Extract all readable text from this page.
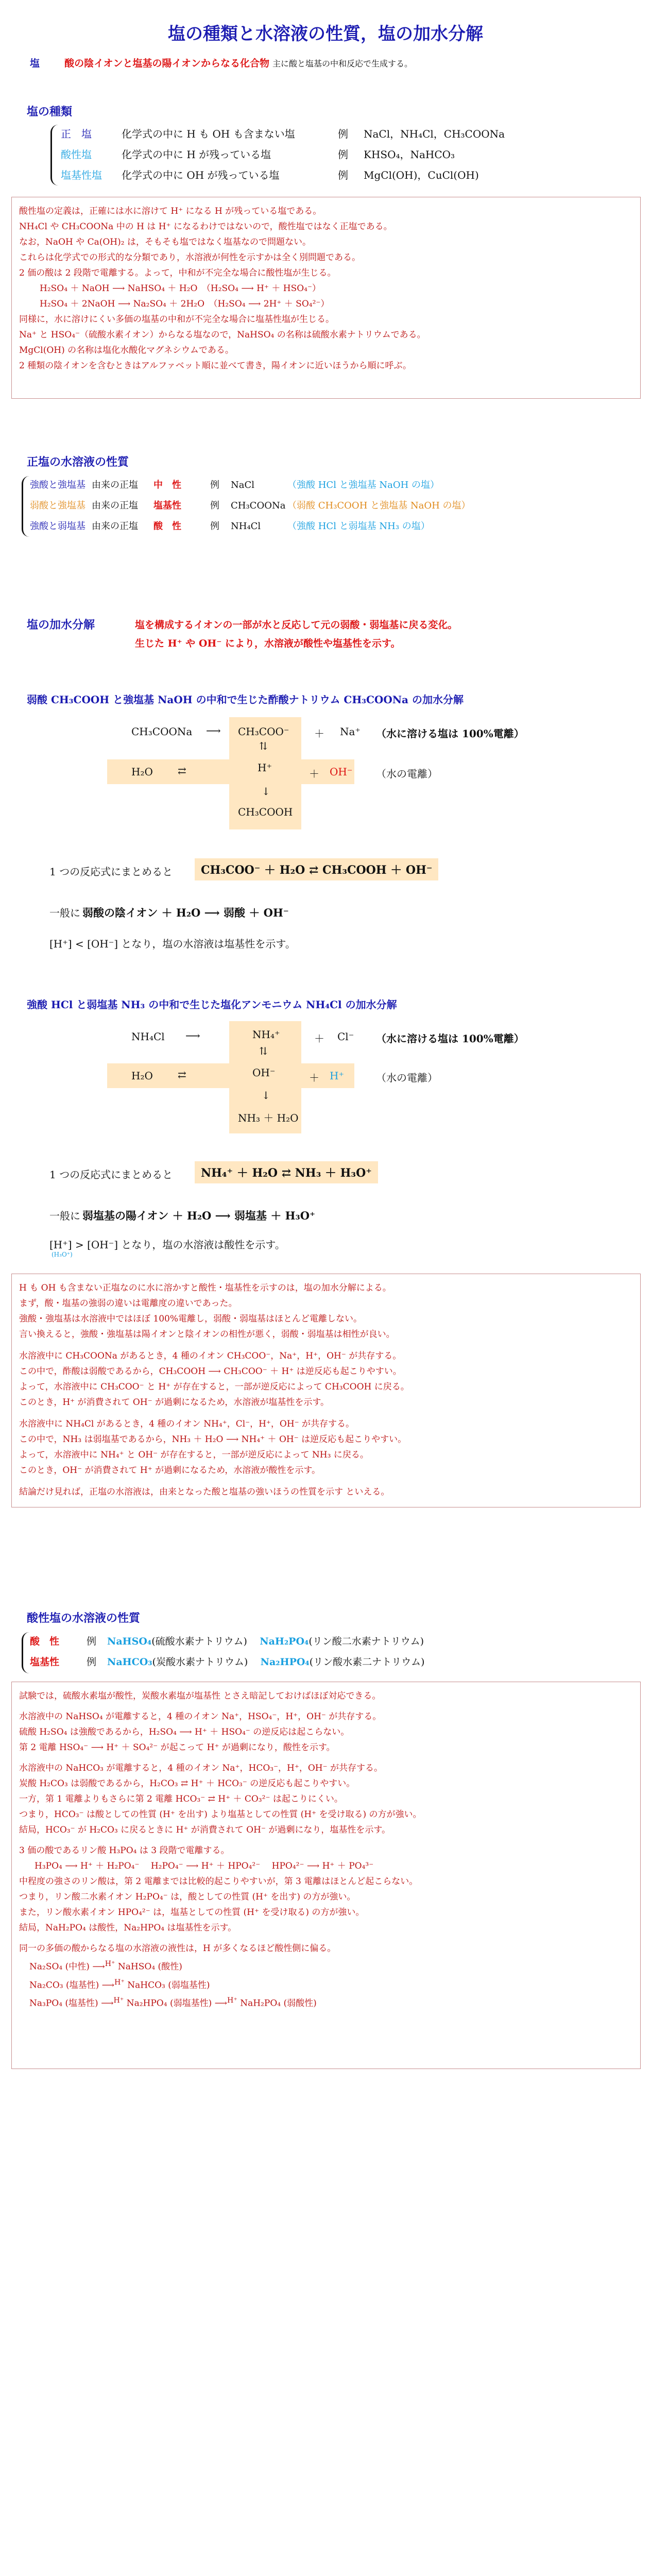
塩の種類と水溶液の性質，塩の加水分解
塩	酸の陰イオンと塩基の陽イオンからなる化合物 主に酸と塩基の中和反応で生成する。
塩の種類
正　塩	化学式の中に H も OH も含まない塩	例 NaCl，NH₄Cl，CH₃COONa
酸性塩	化学式の中に H が残っている塩	例 KHSO₄，NaHCO₃
塩基性塩 化学式の中に OH が残っている塩	例 MgCl(OH)，CuCl(OH)
酸性塩の定義は，正確には水に溶けて H⁺ になる H が残っている塩である。
NH₄Cl や CH₃COONa 中の H は H⁺ になるわけではないので，酸性塩ではなく正塩である。
なお，NaOH や Ca(OH)₂ は，そもそも塩ではなく塩基なので問題ない。
これらは化学式での形式的な分類であり，水溶液が何性を示すかは全く別問題である。
2 価の酸は 2 段階で電離する。よって，中和が不完全な場合に酸性塩が生じる。
H₂SO₄ ＋ NaOH ⟶ NaHSO₄ ＋ H₂O　（H₂SO₄ ⟶ H⁺ ＋ HSO₄⁻）
H₂SO₄ ＋ 2NaOH ⟶ Na₂SO₄ ＋ 2H₂O　（H₂SO₄ ⟶ 2H⁺ ＋ SO₄²⁻）
同様に，水に溶けにくい多価の塩基の中和が不完全な場合に塩基性塩が生じる。
Na⁺ と HSO₄⁻（硫酸水素イオン）からなる塩なので，NaHSO₄ の名称は硫酸水素ナトリウムである。
MgCl(OH) の名称は塩化水酸化マグネシウムである。
2 種類の陰イオンを含むときはアルファベット順に並べて書き，陽イオンに近いほうから順に呼ぶ。
正塩の水溶液の性質
強酸と強塩基 由来の正塩 中　性	例 NaCl	（強酸 HCl と強塩基 NaOH の塩）
弱酸と強塩基 由来の正塩 塩基性	例 CH₃COONa （弱酸 CH₃COOH と強塩基 NaOH の塩）
強酸と弱塩基 由来の正塩 酸　性	例 NH₄Cl	（強酸 HCl と弱塩基 NH₃ の塩）
塩の加水分解	塩を構成するイオンの一部が水と反応して元の弱酸・弱塩基に戻る変化。
生じた H⁺ や OH⁻ により，水溶液が酸性や塩基性を示す。
弱酸 CH₃COOH と強塩基 NaOH の中和で生じた酢酸ナトリウム CH₃COONa の加水分解
CH₃COONa ⟶ CH₃COO⁻ ＋ Na⁺ （水に溶ける塩は 100%電離）
⇅
H₂O ⇄	H⁺	＋ OH⁻ （水の電離）
↓
CH₃COOH
1 つの反応式にまとめると	CH₃COO⁻ ＋ H₂O ⇄ CH₃COOH ＋ OH⁻
一般に 弱酸の陰イオン ＋ H₂O ⟶ 弱酸 ＋ OH⁻
[H⁺] < [OH⁻] となり，塩の水溶液は塩基性を示す。
強酸 HCl と弱塩基 NH₃ の中和で生じた塩化アンモニウム NH₄Cl の加水分解
NH₄Cl ⟶	NH₄⁺	＋ Cl⁻ （水に溶ける塩は 100%電離）
⇅
H₂O ⇄	OH⁻	＋ H⁺	（水の電離）
↓
NH₃ ＋ H₂O
1 つの反応式にまとめると	NH₄⁺ ＋ H₂O ⇄ NH₃ ＋ H₃O⁺
一般に 弱塩基の陽イオン ＋ H₂O ⟶ 弱塩基 ＋ H₃O⁺
[H⁺] > [OH⁻] となり，塩の水溶液は酸性を示す。
(H₃O⁺)
H も OH も含まない正塩なのに水に溶かすと酸性・塩基性を示すのは，塩の加水分解による。
まず，酸・塩基の強弱の違いは電離度の違いであった。
強酸・強塩基は水溶液中ではほぼ 100%電離し，弱酸・弱塩基はほとんど電離しない。
言い換えると，強酸・強塩基は陽イオンと陰イオンの相性が悪く，弱酸・弱塩基は相性が良い。
水溶液中に CH₃COONa があるとき，4 種のイオン CH₃COO⁻，Na⁺，H⁺，OH⁻ が共存する。
この中で，酢酸は弱酸であるから，CH₃COOH ⟶ CH₃COO⁻ ＋ H⁺ は逆反応も起こりやすい。
よって，水溶液中に CH₃COO⁻ と H⁺ が存在すると，一部が逆反応によって CH₃COOH に戻る。
このとき，H⁺ が消費されて OH⁻ が過剰になるため，水溶液が塩基性を示す。
水溶液中に NH₄Cl があるとき，4 種のイオン NH₄⁺，Cl⁻，H⁺，OH⁻ が共存する。
この中で，NH₃ は弱塩基であるから，NH₃ ＋ H₂O ⟶ NH₄⁺ ＋ OH⁻ は逆反応も起こりやすい。
よって，水溶液中に NH₄⁺ と OH⁻ が存在すると，一部が逆反応によって NH₃ に戻る。
このとき，OH⁻ が消費されて H⁺ が過剰になるため，水溶液が酸性を示す。
結論だけ見れば，正塩の水溶液は，由来となった酸と塩基の強いほうの性質を示す といえる。
酸性塩の水溶液の性質
酸　性	例 NaHSO₄(硫酸水素ナトリウム) NaH₂PO₄(リン酸二水素ナトリウム)
塩基性	例 NaHCO₃(炭酸水素ナトリウム) Na₂HPO₄(リン酸水素二ナトリウム)
試験では，硫酸水素塩が酸性，炭酸水素塩が塩基性 とさえ暗記しておけばほぼ対応できる。
水溶液中の NaHSO₄ が電離すると，4 種のイオン Na⁺，HSO₄⁻，H⁺，OH⁻ が共存する。
硫酸 H₂SO₄ は強酸であるから，H₂SO₄ ⟶ H⁺ ＋ HSO₄⁻ の逆反応は起こらない。
第 2 電離 HSO₄⁻ ⟶ H⁺ ＋ SO₄²⁻ が起こって H⁺ が過剰になり，酸性を示す。
水溶液中の NaHCO₃ が電離すると，4 種のイオン Na⁺，HCO₃⁻，H⁺，OH⁻ が共存する。
炭酸 H₂CO₃ は弱酸であるから，H₂CO₃ ⇄ H⁺ ＋ HCO₃⁻ の逆反応も起こりやすい。
一方，第 1 電離よりもさらに第 2 電離 HCO₃⁻ ⇄ H⁺ ＋ CO₃²⁻ は起こりにくい。
つまり，HCO₃⁻ は酸としての性質 (H⁺ を出す) より塩基としての性質 (H⁺ を受け取る) の方が強い。
結局，HCO₃⁻ が H₂CO₃ に戻るときに H⁺ が消費されて OH⁻ が過剰になり，塩基性を示す。
3 価の酸であるリン酸 H₃PO₄ は 3 段階で電離する。
H₃PO₄ ⟶ H⁺ ＋ H₂PO₄⁻　 H₂PO₄⁻ ⟶ H⁺ ＋ HPO₄²⁻　 HPO₄²⁻ ⟶ H⁺ ＋ PO₄³⁻
中程度の強さのリン酸は，第 2 電離までは比較的起こりやすいが，第 3 電離はほとんど起こらない。
つまり，リン酸二水素イオン H₂PO₄⁻ は，酸としての性質 (H⁺ を出す) の方が強い。
また，リン酸水素イオン HPO₄²⁻ は，塩基としての性質 (H⁺ を受け取る) の方が強い。
結局，NaH₂PO₄ は酸性，Na₂HPO₄ は塩基性を示す。
同一の多価の酸からなる塩の水溶液の液性は，H が多くなるほど酸性側に偏る。
Na₂SO₄ (中性) ⟶$^{H^+}$ NaHSO₄ (酸性)
Na₂CO₃ (塩基性) ⟶$^{H^+}$ NaHCO₃ (弱塩基性)
Na₃PO₄ (塩基性) ⟶$^{H^+}$ Na₂HPO₄ (弱塩基性) ⟶$^{H^+}$ NaH₂PO₄ (弱酸性)
